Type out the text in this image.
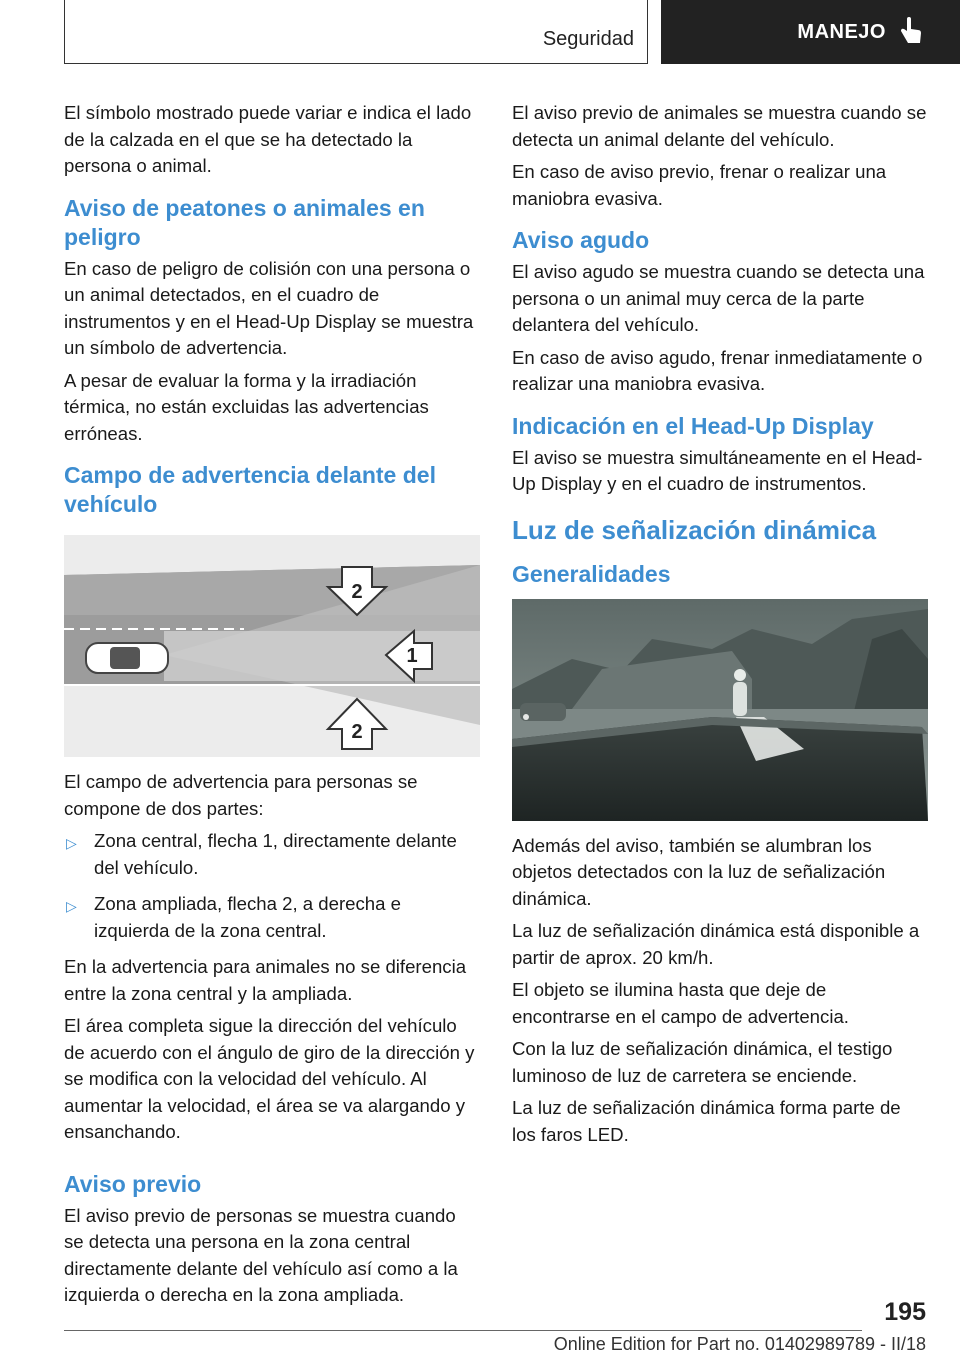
Seguridad	MANEJO

El símbolo mostrado puede variar e indica el lado de la calzada en el que se ha detectado la persona o animal.

Aviso de peatones o animales en peligro

En caso de peligro de colisión con una persona o un animal detectados, en el cuadro de instrumentos y en el Head-Up Display se muestra un símbolo de advertencia.

A pesar de evaluar la forma y la irradiación térmica, no están excluidas las advertencias erróneas.

Campo de advertencia delante del vehículo
2
1
2

El campo de advertencia para personas se compone de dos partes:

▷ Zona central, flecha 1, directamente delante del vehículo.
▷ Zona ampliada, flecha 2, a derecha e izquierda de la zona central.

En la advertencia para animales no se diferencia entre la zona central y la ampliada.

El área completa sigue la dirección del vehículo de acuerdo con el ángulo de giro de la dirección y se modifica con la velocidad del vehículo. Al aumentar la velocidad, el área se va alargando y ensanchando.

Aviso previo

El aviso previo de personas se muestra cuando se detecta una persona en la zona central directamente delante del vehículo así como a la izquierda o derecha en la zona ampliada.

El aviso previo de animales se muestra cuando se detecta un animal delante del vehículo.

En caso de aviso previo, frenar o realizar una maniobra evasiva.

Aviso agudo

El aviso agudo se muestra cuando se detecta una persona o un animal muy cerca de la parte delantera del vehículo.

En caso de aviso agudo, frenar inmediatamente o realizar una maniobra evasiva.

Indicación en el Head-Up Display

El aviso se muestra simultáneamente en el Head-Up Display y en el cuadro de instrumentos.

Luz de señalización dinámica
Generalidades

Además del aviso, también se alumbran los objetos detectados con la luz de señalización dinámica.

La luz de señalización dinámica está disponible a partir de aprox. 20 km/h.

El objeto se ilumina hasta que deje de encontrarse en el campo de advertencia.

Con la luz de señalización dinámica, el testigo luminoso de luz de carretera se enciende.

La luz de señalización dinámica forma parte de los faros LED.

195
Online Edition for Part no. 01402989789 - II/18
